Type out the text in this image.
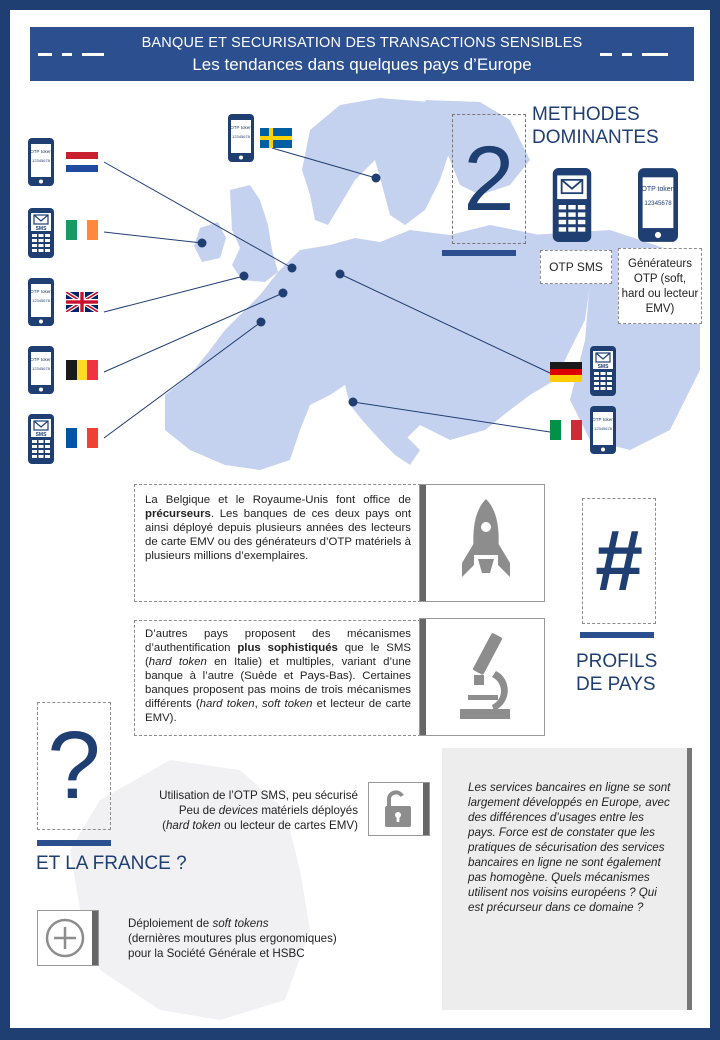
BANQUE ET SECURISATION DES TRANSACTIONS SENSIBLES
Les tendances dans quelques pays d’Europe
OTP token
12345678
OTP token
12345678
SMS
OTP token
12345678
OTP token
12345678
SMS
SMS
OTP token
12345678
2
METHODES
DOMINANTES
OTP token
12345678
OTP SMS	Générateurs OTP (soft, hard ou lecteur EMV)
La Belgique et le Royaume-Unis font office de précurseurs. Les banques de ces deux pays ont ainsi déployé depuis plusieurs années des lecteurs de carte EMV ou des générateurs d’OTP matériels à plusieurs millions d’exemplaires.
D’autres pays proposent des mécanismes d’authentification plus sophistiqués que le SMS (hard token en Italie) et multiples, variant d’une banque à l’autre (Suède et Pays-Bas). Certaines banques proposent pas moins de trois mécanismes différents (hard token, soft token et lecteur de carte EMV).
#
PROFILS
DE PAYS
?
ET LA FRANCE ?
Utilisation de l’OTP SMS, peu sécurisé
Peu de devices matériels déployés
(hard token ou lecteur de cartes EMV)
Déploiement de soft tokens
(dernières moutures plus ergonomiques)
pour la Société Générale et HSBC
Les services bancaires en ligne se sont largement développés en Europe, avec des différences d’usages entre les pays. Force est de constater que les pratiques de sécurisation des services bancaires en ligne ne sont également pas homogène. Quels mécanismes utilisent nos voisins européens ? Qui est précurseur dans ce domaine ?
